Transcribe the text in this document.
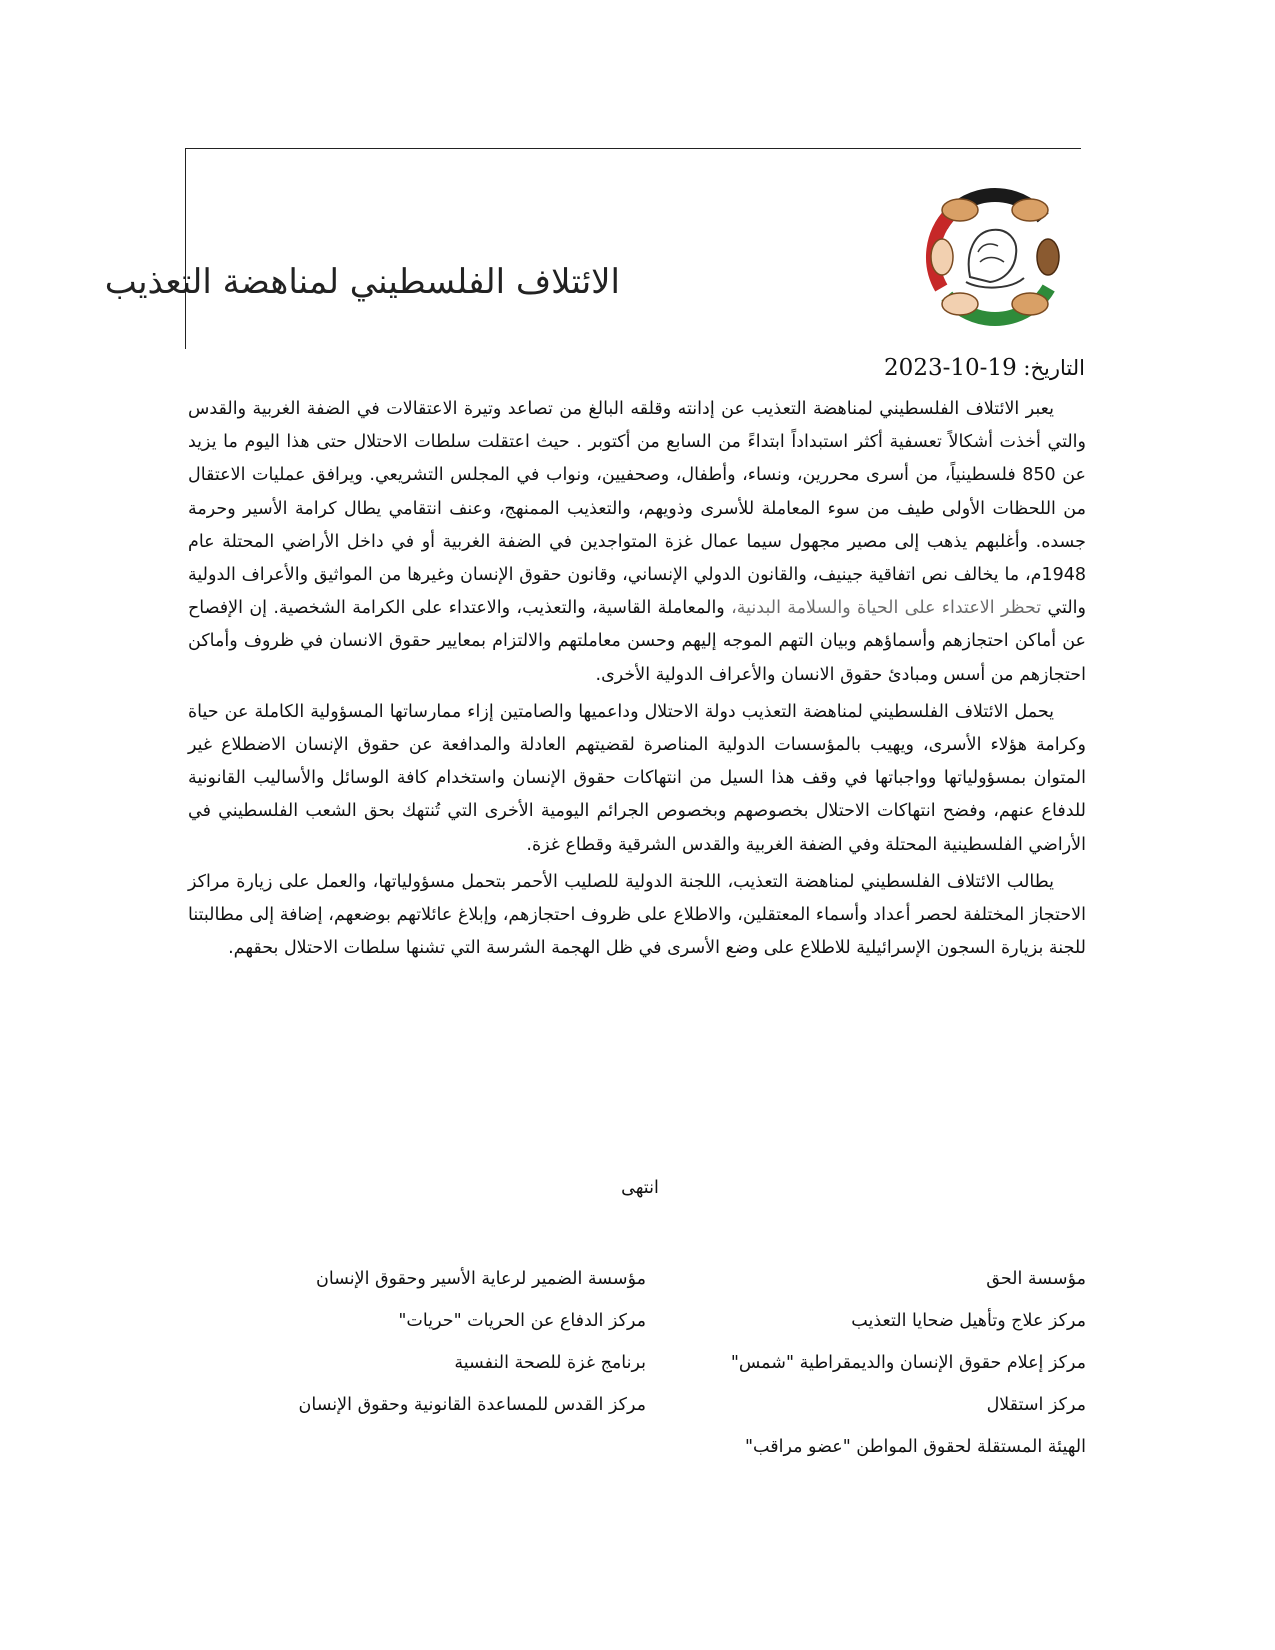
الائتلاف الفلسطيني لمناهضة التعذيب
التاريخ: 19-10-2023

يعبر الائتلاف الفلسطيني لمناهضة التعذيب عن إدانته وقلقه البالغ من تصاعد وتيرة الاعتقالات في الضفة الغربية والقدس والتي أخذت أشكالاً تعسفية أكثر استبداداً ابتداءً من السابع من أكتوبر . حيث اعتقلت سلطات الاحتلال حتى هذا اليوم ما يزيد عن 850 فلسطينياً، من أسرى محررين، ونساء، وأطفال، وصحفيين، ونواب في المجلس التشريعي. ويرافق عمليات الاعتقال من اللحظات الأولى طيف من سوء المعاملة للأسرى وذويهم، والتعذيب الممنهج، وعنف انتقامي يطال كرامة الأسير وحرمة جسده. وأغلبهم يذهب إلى مصير مجهول سيما عمال غزة المتواجدين في الضفة الغربية أو في داخل الأراضي المحتلة عام 1948م، ما يخالف نص اتفاقية جينيف، والقانون الدولي الإنساني، وقانون حقوق الإنسان وغيرها من المواثيق والأعراف الدولية والتي تحظر الاعتداء على الحياة والسلامة البدنية، والمعاملة القاسية، والتعذيب، والاعتداء على الكرامة الشخصية. إن الإفصاح عن أماكن احتجازهم وأسماؤهم وبيان التهم الموجه إليهم وحسن معاملتهم والالتزام بمعايير حقوق الانسان في ظروف وأماكن احتجازهم من أسس ومبادئ حقوق الانسان والأعراف الدولية الأخرى.

يحمل الائتلاف الفلسطيني لمناهضة التعذيب دولة الاحتلال وداعميها والصامتين إزاء ممارساتها المسؤولية الكاملة عن حياة وكرامة هؤلاء الأسرى، ويهيب بالمؤسسات الدولية المناصرة لقضيتهم العادلة والمدافعة عن حقوق الإنسان الاضطلاع غير المتوان بمسؤولياتها وواجباتها في وقف هذا السيل من انتهاكات حقوق الإنسان واستخدام كافة الوسائل والأساليب القانونية للدفاع عنهم، وفضح انتهاكات الاحتلال بخصوصهم وبخصوص الجرائم اليومية الأخرى التي تُنتهك بحق الشعب الفلسطيني في الأراضي الفلسطينية المحتلة وفي الضفة الغربية والقدس الشرقية وقطاع غزة.

يطالب الائتلاف الفلسطيني لمناهضة التعذيب، اللجنة الدولية للصليب الأحمر بتحمل مسؤولياتها، والعمل على زيارة مراكز الاحتجاز المختلفة لحصر أعداد وأسماء المعتقلين، والاطلاع على ظروف احتجازهم، وإبلاغ عائلاتهم بوضعهم، إضافة إلى مطالبتنا للجنة بزيارة السجون الإسرائيلية للاطلاع على وضع الأسرى في ظل الهجمة الشرسة التي تشنها سلطات الاحتلال بحقهم.

انتهى
مؤسسة الحق
مؤسسة الضمير لرعاية الأسير وحقوق الإنسان
مركز علاج وتأهيل ضحايا التعذيب
مركز الدفاع عن الحريات "حريات"
مركز إعلام حقوق الإنسان والديمقراطية "شمس"
برنامج غزة للصحة النفسية
مركز استقلال
مركز القدس للمساعدة القانونية وحقوق الإنسان
الهيئة المستقلة لحقوق المواطن "عضو مراقب"
